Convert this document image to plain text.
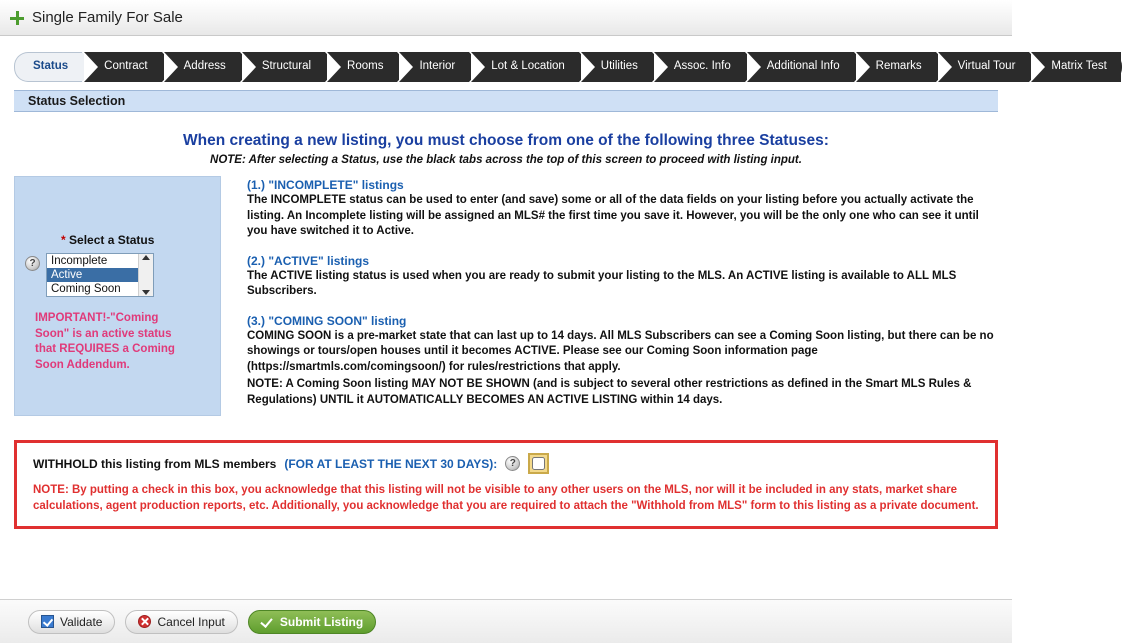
Single Family For Sale
Status	Contract	Address	Structural	Rooms	Interior	Lot & Location	Utilities	Assoc. Info	Additional Info	Remarks	Virtual Tour	Matrix Test
Status Selection
When creating a new listing, you must choose from one of the following three Statuses:
NOTE: After selecting a Status, use the black tabs across the top of this screen to proceed with listing input.
* Select a Status
?	Incomplete
Active
Coming Soon
IMPORTANT!-"Coming Soon" is an active status that REQUIRES a Coming Soon Addendum.
(1.) "INCOMPLETE" listings
The INCOMPLETE status can be used to enter (and save) some or all of the data fields on your listing before you actually activate the listing. An Incomplete listing will be assigned an MLS# the first time you save it. However, you will be the only one who can see it until you have switched it to Active.
(2.) "ACTIVE" listings
The ACTIVE listing status is used when you are ready to submit your listing to the MLS. An ACTIVE listing is available to ALL MLS Subscribers.
(3.) "COMING SOON" listing
COMING SOON is a pre-market state that can last up to 14 days. All MLS Subscribers can see a Coming Soon listing, but there can be no showings or tours/open houses until it becomes ACTIVE. Please see our Coming Soon information page (https://smartmls.com/comingsoon/) for rules/restrictions that apply.
NOTE: A Coming Soon listing MAY NOT BE SHOWN (and is subject to several other restrictions as defined in the Smart MLS Rules & Regulations) UNTIL it AUTOMATICALLY BECOMES AN ACTIVE LISTING within 14 days.
WITHHOLD this listing from MLS members (FOR AT LEAST THE NEXT 30 DAYS):	?
NOTE: By putting a check in this box, you acknowledge that this listing will not be visible to any other users on the MLS, nor will it be included in any stats, market share calculations, agent production reports, etc. Additionally, you acknowledge that you are required to attach the "Withhold from MLS" form to this listing as a private document.
Validate	Cancel Input	Submit Listing
